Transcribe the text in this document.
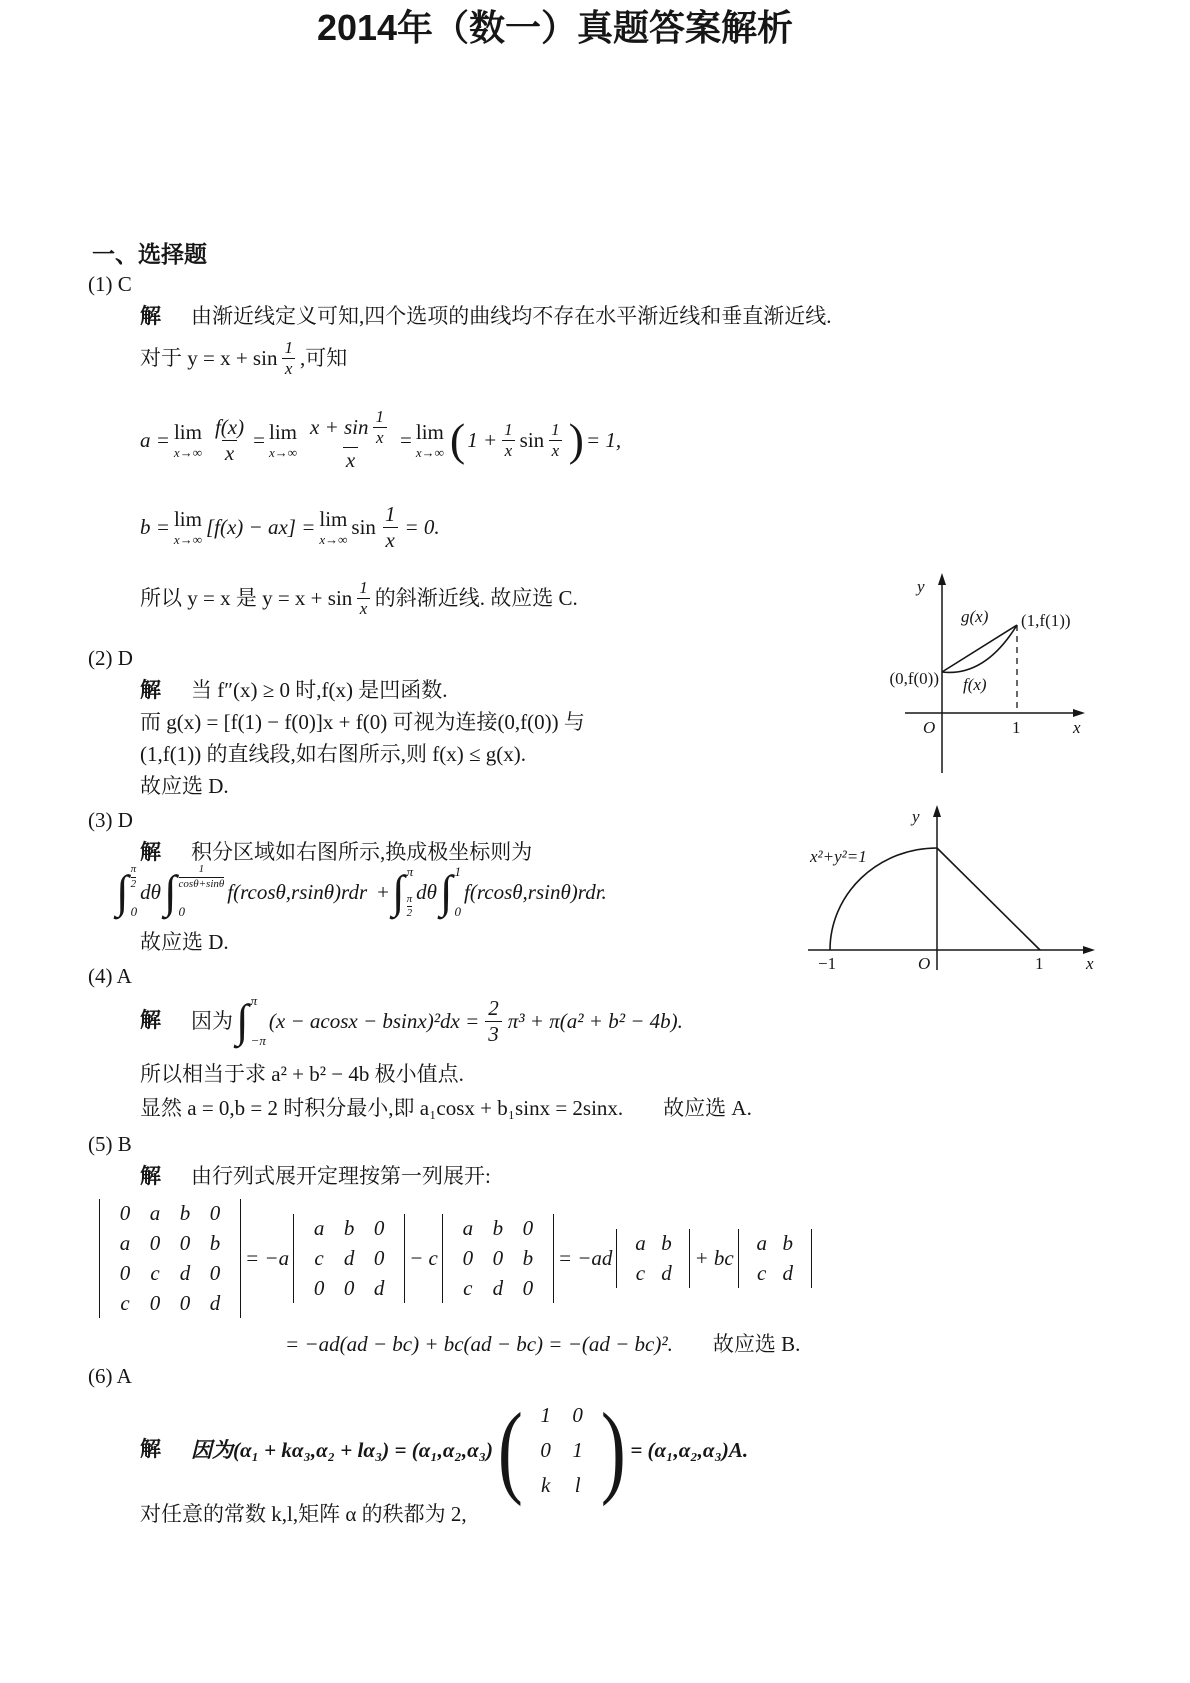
2014年（数一）真题答案解析
一、选择题
(1) C
解 由渐近线定义可知,四个选项的曲线均不存在水平渐近线和垂直渐近线.
对于 $y = x + \sin \frac{1}{x}$ ,可知
a = lim
$x\to\infty \frac{f(x)}{x} = \lim$
$x\to\infty \frac{x + \sin \frac{1}{x}}{x} = \lim$
x→∞ ( $1 + \frac{1}{x}$ $\sin \frac{1}{x}$ ) = 1,
b = lim
x→∞
[f(x) − ax] = lim
x→∞
$\sin \frac{1}{x} = 0$.
所以 y = x 是 $y = x + \sin \frac{1}{x}$ 的斜渐近线. 故应选 C.
(2) D
解 当 f″(x) ≥ 0 时,f(x) 是凹函数.
而 g(x) = [f(1) − f(0)]x + f(0) 可视为连接(0,f(0)) 与
(1,f(1)) 的直线段,如右图所示,则 f(x) ≤ g(x).
故应选 D.
y
g(x) (1,f(1))
(0,f(0)) f(x)
O	1	x
(3) D
解 积分区域如右图所示,换成极坐标则为
∫ π
2
0
dθ ∫ 1
cosθ+sinθ
0
f(rcosθ,rsinθ)rdr + ∫ π
π
2
dθ ∫ 1
0
f(rcosθ,rsinθ)rdr.
故应选 D.
y
x²+y²=1
−1	O	1	x
(4) A
解 因为 ∫ π
−π
$(x - acosx - bsinx)^2dx = \frac{2}{3} \pi^3 + \pi(a^2 + b^2 - 4b)$.
所以相当于求 a² + b² − 4b 极小值点.
显然 a = 0,b = 2 时积分最小,即 a₁cosx + b₁sinx = 2sinx. 故应选 A.
(5) B
解 由行列式展开定理按第一列展开:
0 a b 0
a 0 0 b
0 c d 0
c 0 0 d
= −a
a b 0
c d 0
0 0 d
− c
a b 0
0 0 b
c d 0
= −ad
a b
c d
+ bc
a b
c d
= −ad(ad − bc) + bc(ad − bc) = −(ad − bc)². 故应选 B.
(6) A
解 因为(α₁ + kα₃,α₂ + lα₃) = (α₁,α₂,α₃) ( 1	0
0	1
k	l ) = (α₁,α₂,α₃)A.
对任意的常数 k,l,矩阵 α 的秩都为 2,
